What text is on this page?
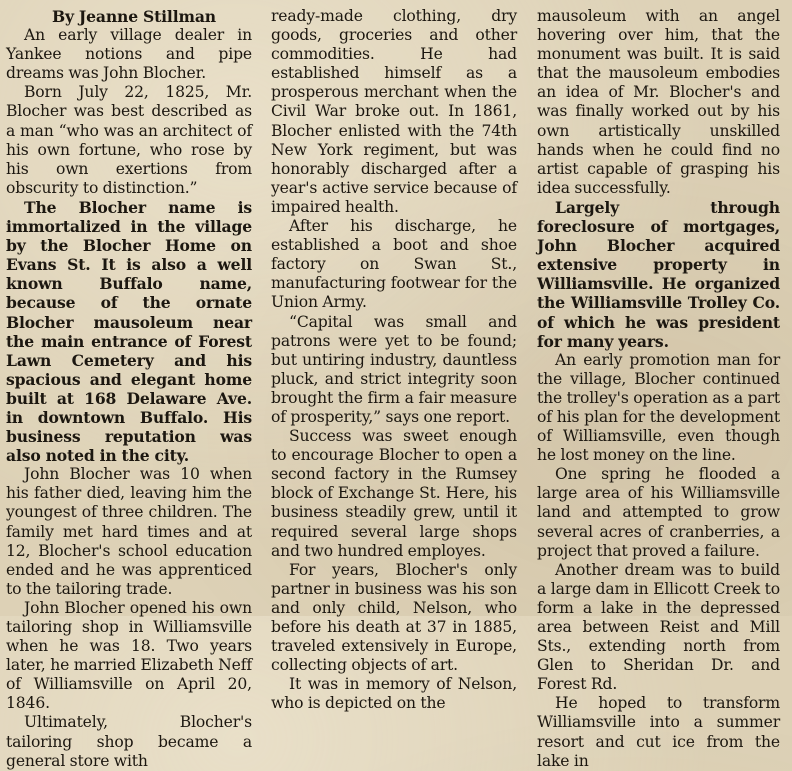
By Jeanne Stillman
An early village dealer in Yankee notions and pipe dreams was John Blocher.
Born July 22, 1825, Mr. Blocher was best described as a man “who was an architect of his own fortune, who rose by his own exertions from obscurity to distinction.”
The Blocher name is immortalized in the village by the Blocher Home on Evans St. It is also a well known Buffalo name, because of the ornate Blocher mausoleum near the main entrance of Forest Lawn Cemetery and his spacious and elegant home built at 168 Delaware Ave. in downtown Buffalo. His business reputation was also noted in the city.
John Blocher was 10 when his father died, leaving him the youngest of three children. The family met hard times and at 12, Blocher's school education ended and he was apprenticed to the tailoring trade.
John Blocher opened his own tailoring shop in Williamsville when he was 18. Two years later, he married Elizabeth Neff of Williamsville on April 20, 1846.
Ultimately, Blocher's tailoring shop became a general store with
ready-made clothing, dry goods, groceries and other commodities. He had established himself as a prosperous merchant when the Civil War broke out. In 1861, Blocher enlisted with the 74th New York regiment, but was honorably discharged after a year's active service because of impaired health.
After his discharge, he established a boot and shoe factory on Swan St., manufacturing footwear for the Union Army.
“Capital was small and patrons were yet to be found; but untiring industry, dauntless pluck, and strict integrity soon brought the firm a fair measure of prosperity,” says one report.
Success was sweet enough to encourage Blocher to open a second factory in the Rumsey block of Exchange St. Here, his business steadily grew, until it required several large shops and two hundred employes.
For years, Blocher's only partner in business was his son and only child, Nelson, who before his death at 37 in 1885, traveled extensively in Europe, collecting objects of art.
It was in memory of Nelson, who is depicted on the
mausoleum with an angel hovering over him, that the monument was built. It is said that the mausoleum embodies an idea of Mr. Blocher's and was finally worked out by his own artistically unskilled hands when he could find no artist capable of grasping his idea successfully.
Largely through foreclosure of mortgages, John Blocher acquired extensive property in Williamsville. He organized the Williamsville Trolley Co. of which he was president for many years.
An early promotion man for the village, Blocher continued the trolley's operation as a part of his plan for the development of Williamsville, even though he lost money on the line.
One spring he flooded a large area of his Williamsville land and attempted to grow several acres of cranberries, a project that proved a failure.
Another dream was to build a large dam in Ellicott Creek to form a lake in the depressed area between Reist and Mill Sts., extending north from Glen to Sheridan Dr. and Forest Rd.
He hoped to transform Williamsville into a summer resort and cut ice from the lake in
